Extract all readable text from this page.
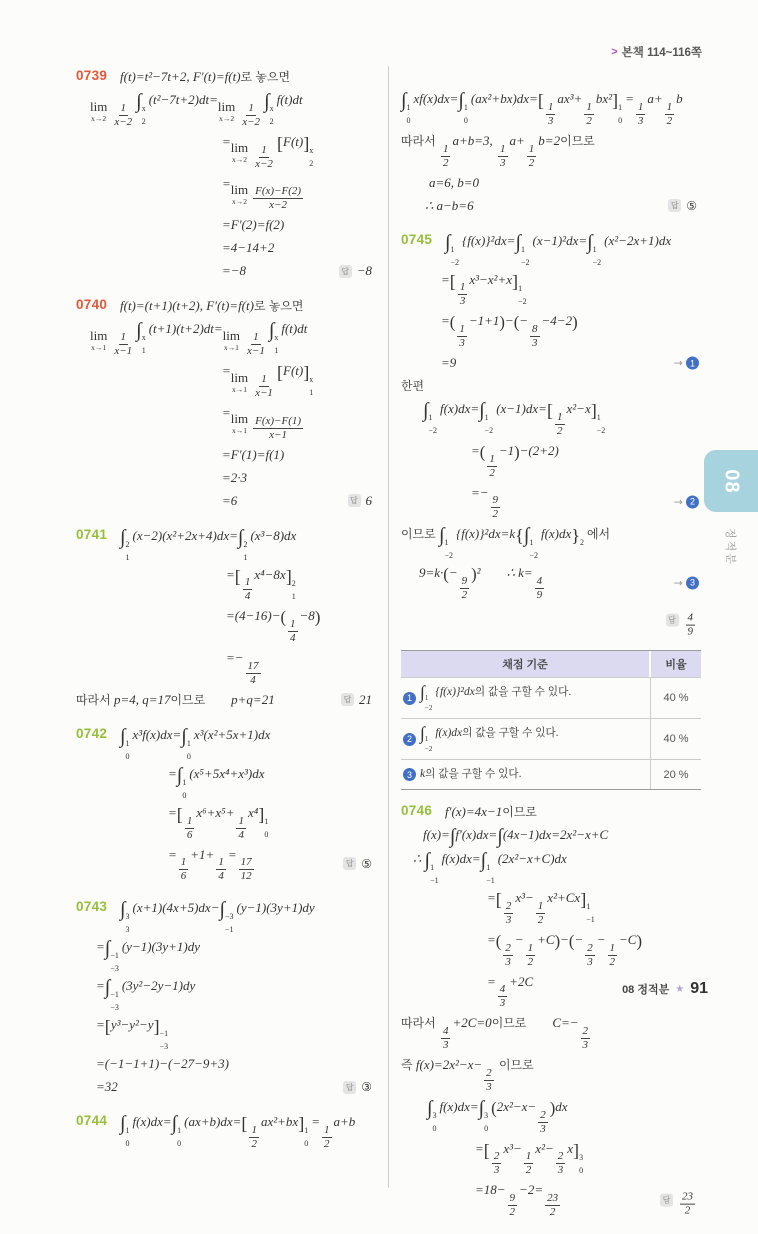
> 본책 114~116쪽
0739 f(t)=t²−7t+2, F′(t)=f(t)로 놓으면
lim
$x\to 2 \frac{1}{x-2}$
∫ x
2
(t²−7t+2)dt=lim
$x\to 2 \frac{1}{x-2}$
∫ x
2
f(t)dt
=lim
$x\to 2 \frac{1}{x-2}$
[F(t)] x
2
=lim
$x\to 2 \frac{F(x)-F(2)}{x-2}$
=F′(2)=f(2)
=4−14+2
=−8	답 −8
0740 f(t)=(t+1)(t+2), F′(t)=f(t)로 놓으면
lim
$x\to 1 \frac{1}{x-1}$
∫ x
1
(t+1)(t+2)dt=lim
$x\to 1 \frac{1}{x-1}$
∫ x
1
f(t)dt
=lim
$x\to 1 \frac{1}{x-1}$
[F(t)] x
1
=lim
$x\to 1 \frac{F(x)-F(1)}{x-1}$
=F′(1)=f(1)
=2·3
=6	답 6
0741 ∫ 2
1
(x−2)(x²+2x+4)dx=∫ 2
1
(x³−8)dx
=[
$\frac{1}{4}$
x⁴−8x] 2
1
=(4−16)−(
$\frac{1}{4}$
−8)
=−
$\frac{17}{4}$
따라서 p=4, q=17이므로  p+q=21	답 21
0742 ∫ 1
0
x³f(x)dx=∫ 1
0
x³(x²+5x+1)dx
=∫ 1
0
(x⁵+5x⁴+x³)dx
=[
$\frac{1}{6}$
x⁶+x⁵+
$\frac{1}{4}$
x⁴] 1
0
=
$\frac{1}{6}$
+1+
$\frac{1}{4}$
=
$\frac{17}{12}$	답 ⑤
0743 ∫ 3
3
(x+1)(4x+5)dx−∫ −3
−1
(y−1)(3y+1)dy
=∫ −1
−3
(y−1)(3y+1)dy
=∫ −1
−3
(3y²−2y−1)dy
=[y³−y²−y] −1
−3
=(−1−1+1)−(−27−9+3)
=32	답 ③
0744 ∫ 1
0
f(x)dx=∫ 1
0
(ax+b)dx=[
$\frac{1}{2}$
ax²+bx] 1
0
=
$\frac{1}{2}$
a+b
∫ 1
0
xf(x)dx=∫ 1
0
(ax²+bx)dx=[
$\frac{1}{3}$
ax³+
$\frac{1}{2}$
bx²] 1
0
=
$\frac{1}{3}$
a+
$\frac{1}{2}$
b
따라서
$\frac{1}{2}$
a+b=3,
$\frac{1}{3}$
a+
$\frac{1}{2}$
b=2이므로
a=6, b=0
∴ a−b=6	답 ⑤
0745 ∫ 1
−2
{f(x)}²dx=∫ 1
−2
(x−1)²dx=∫ 1
−2
(x²−2x+1)dx
=[
$\frac{1}{3}$
x³−x²+x] 1
−2
=(
$\frac{1}{3}$
−1+1)−(−
$\frac{8}{3}$
−4−2)
=9	→ 1
한편
∫ 1
−2
f(x)dx=∫ 1
−2
(x−1)dx=[
$\frac{1}{2}$
x²−x] 1
−2
=(
$\frac{1}{2}$
−1)−(2+2)
=−
$\frac{9}{2}$	→ 2
이므로 ∫ 1
−2
{f(x)}²dx=k{∫ 1
−2
f(x)dx} 2
에서
9=k·(−
$\frac{9}{2}$
)²  ∴ k=
$\frac{4}{9}$	→ 3
답 $\frac{4}{9}$
채점 기준	비율
1 ∫ 1
−2
{f(x)}²dx의 값을 구할 수 있다.	40 %
2 ∫ 1
−2
f(x)dx의 값을 구할 수 있다.	40 %
3 k의 값을 구할 수 있다.	20 %
0746 f′(x)=4x−1이므로
f(x)=∫f′(x)dx=∫(4x−1)dx=2x²−x+C
∴ ∫ 1
−1
f(x)dx=∫ 1
−1
(2x²−x+C)dx
=[
$\frac{2}{3}$
x³−
$\frac{1}{2}$
x²+Cx] 1
−1
=(
$\frac{2}{3}$
−
$\frac{1}{2}$
+C)−(−
$\frac{2}{3}$
−
$\frac{1}{2}$
−C)
=
$\frac{4}{3}$
+2C
따라서
$\frac{4}{3}$
+2C=0이므로  C=−
$\frac{2}{3}$
즉 f(x)=2x²−x−
$\frac{2}{3}$
이므로
∫ 3
0
f(x)dx=∫ 3
0
(2x²−x−
$\frac{2}{3}$
)dx
=[
$\frac{2}{3}$
x³−
$\frac{1}{2}$
x²−
$\frac{2}{3}$
x] 3
0
=18−
$\frac{9}{2}$
−2=
$\frac{23}{2}$	답 $\frac{23}{2}$
08
정적분
08 정적분 ★ 91
